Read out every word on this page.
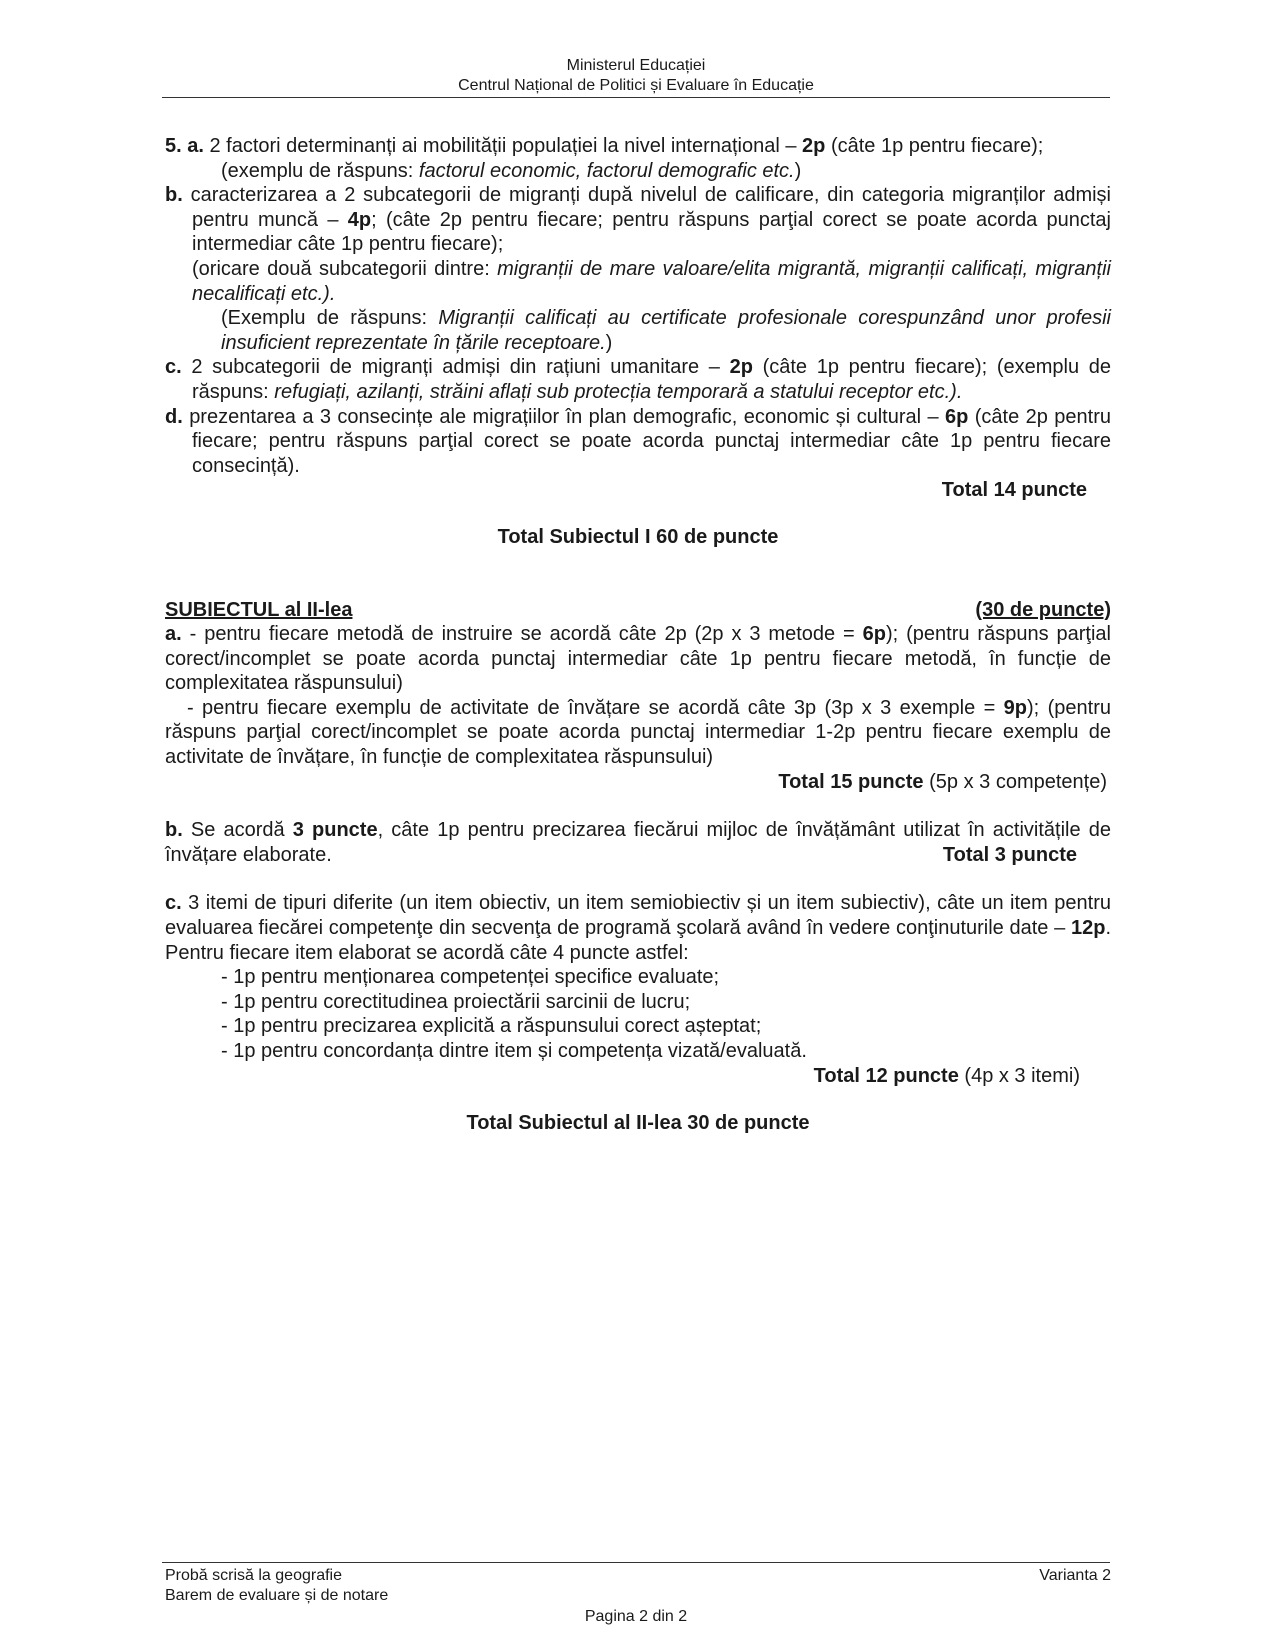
Ministerul Educației
Centrul Național de Politici și Evaluare în Educație
5. a. 2 factori determinanți ai mobilității populației la nivel internațional – 2p (câte 1p pentru fiecare);
(exemplu de răspuns: factorul economic, factorul demografic etc.)
b. caracterizarea a 2 subcategorii de migranți după nivelul de calificare, din categoria migranților admiși pentru muncă – 4p; (câte 2p pentru fiecare; pentru răspuns parţial corect se poate acorda punctaj intermediar câte 1p pentru fiecare);
(oricare două subcategorii dintre: migranții de mare valoare/elita migrantă, migranții calificați, migranții necalificați etc.).
(Exemplu de răspuns: Migranții calificați au certificate profesionale corespunzând unor profesii insuficient reprezentate în țările receptoare.)
c. 2 subcategorii de migranți admiși din rațiuni umanitare – 2p (câte 1p pentru fiecare); (exemplu de răspuns: refugiați, azilanți, străini aflați sub protecția temporară a statului receptor etc.).
d. prezentarea a 3 consecințe ale migrațiilor în plan demografic, economic și cultural – 6p (câte 2p pentru fiecare; pentru răspuns parţial corect se poate acorda punctaj intermediar câte 1p pentru fiecare consecință).
Total 14 puncte
Total Subiectul I 60 de puncte
SUBIECTUL al II-lea	(30 de puncte)
a. - pentru fiecare metodă de instruire se acordă câte 2p (2p x 3 metode = 6p); (pentru răspuns parţial corect/incomplet se poate acorda punctaj intermediar câte 1p pentru fiecare metodă, în funcție de complexitatea răspunsului)
- pentru fiecare exemplu de activitate de învățare se acordă câte 3p (3p x 3 exemple = 9p); (pentru răspuns parţial corect/incomplet se poate acorda punctaj intermediar 1-2p pentru fiecare exemplu de activitate de învățare, în funcție de complexitatea răspunsului)
Total 15 puncte (5p x 3 competențe)
b. Se acordă 3 puncte, câte 1p pentru precizarea fiecărui mijloc de învățământ utilizat în activitățile de învățare elaborate.	Total 3 puncte
c. 3 itemi de tipuri diferite (un item obiectiv, un item semiobiectiv și un item subiectiv), câte un item pentru evaluarea fiecărei competenţe din secvenţa de programă şcolară având în vedere conţinuturile date – 12p. Pentru fiecare item elaborat se acordă câte 4 puncte astfel:
- 1p pentru menționarea competenței specifice evaluate;
- 1p pentru corectitudinea proiectării sarcinii de lucru;
- 1p pentru precizarea explicită a răspunsului corect așteptat;
- 1p pentru concordanța dintre item și competența vizată/evaluată.
Total 12 puncte (4p x 3 itemi)
Total Subiectul al II-lea 30 de puncte
Probă scrisă la geografie	Varianta 2
Barem de evaluare și de notare
Pagina 2 din 2
